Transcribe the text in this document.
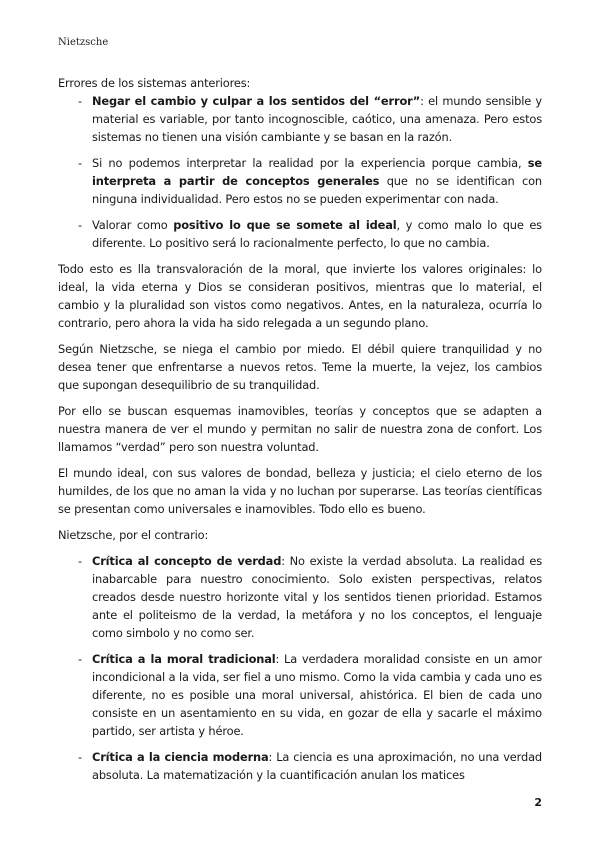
Nietzsche

Errores de los sistemas anteriores:

- Negar el cambio y culpar a los sentidos del “error”: el mundo sensible y material es variable, por tanto incognoscible, caótico, una amenaza. Pero estos sistemas no tienen una visión cambiante y se basan en la razón.
- Si no podemos interpretar la realidad por la experiencia porque cambia, se interpreta a partir de conceptos generales que no se identifican con ninguna individualidad. Pero estos no se pueden experimentar con nada.
- Valorar como positivo lo que se somete al ideal, y como malo lo que es diferente. Lo positivo será lo racionalmente perfecto, lo que no cambia.

Todo esto es lla transvaloración de la moral, que invierte los valores originales: lo ideal, la vida eterna y Dios se consideran positivos, mientras que lo material, el cambio y la pluralidad son vistos como negativos. Antes, en la naturaleza, ocurría lo contrario, pero ahora la vida ha sido relegada a un segundo plano.

Según Nietzsche, se niega el cambio por miedo. El débil quiere tranquilidad y no desea tener que enfrentarse a nuevos retos. Teme la muerte, la vejez, los cambios que supongan desequilibrio de su tranquilidad.

Por ello se buscan esquemas inamovibles, teorías y conceptos que se adapten a nuestra manera de ver el mundo y permitan no salir de nuestra zona de confort. Los llamamos “verdad” pero son nuestra voluntad.

El mundo ideal, con sus valores de bondad, belleza y justicia; el cielo eterno de los humildes, de los que no aman la vida y no luchan por superarse. Las teorías científicas se presentan como universales e inamovibles. Todo ello es bueno.

Nietzsche, por el contrario:

- Crítica al concepto de verdad: No existe la verdad absoluta. La realidad es inabarcable para nuestro conocimiento. Solo existen perspectivas, relatos creados desde nuestro horizonte vital y los sentidos tienen prioridad. Estamos ante el politeismo de la verdad, la metáfora y no los conceptos, el lenguaje como simbolo y no como ser.
- Crítica a la moral tradicional: La verdadera moralidad consiste en un amor incondicional a la vida, ser fiel a uno mismo. Como la vida cambia y cada uno es diferente, no es posible una moral universal, ahistórica. El bien de cada uno consiste en un asentamiento en su vida, en gozar de ella y sacarle el máximo partido, ser artista y héroe.
- Crítica a la ciencia moderna: La ciencia es una aproximación, no una verdad absoluta. La matematización y la cuantificación anulan los matices
2
